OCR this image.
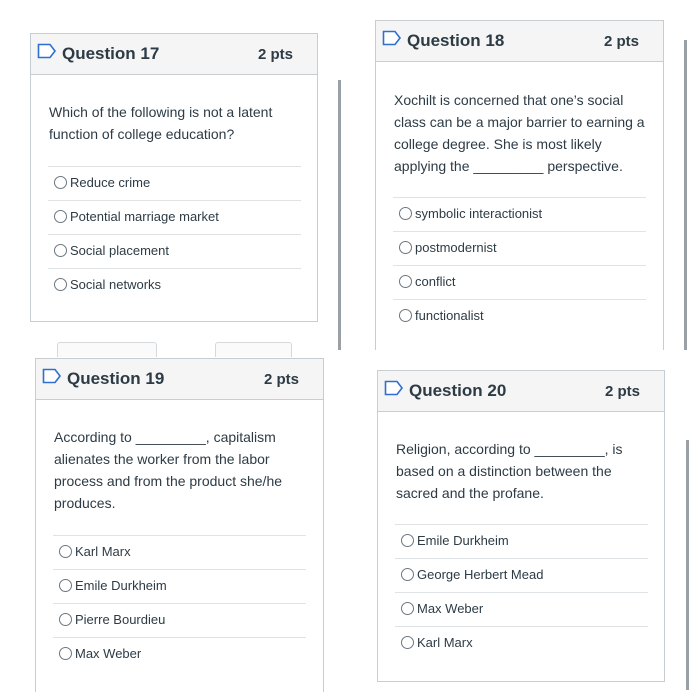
Question 17	2 pts
Which of the following is not a latent
function of college education?
Reduce crime
Potential marriage market
Social placement
Social networks
Question 18	2 pts
Xochilt is concerned that one’s social
class can be a major barrier to earning a
college degree. She is most likely
applying the _________ perspective.
symbolic interactionist
postmodernist
conflict
functionalist
Question 19	2 pts
According to _________, capitalism
alienates the worker from the labor
process and from the product she/he
produces.
Karl Marx
Emile Durkheim
Pierre Bourdieu
Max Weber
Question 20	2 pts
Religion, according to _________, is
based on a distinction between the
sacred and the profane.
Emile Durkheim
George Herbert Mead
Max Weber
Karl Marx
